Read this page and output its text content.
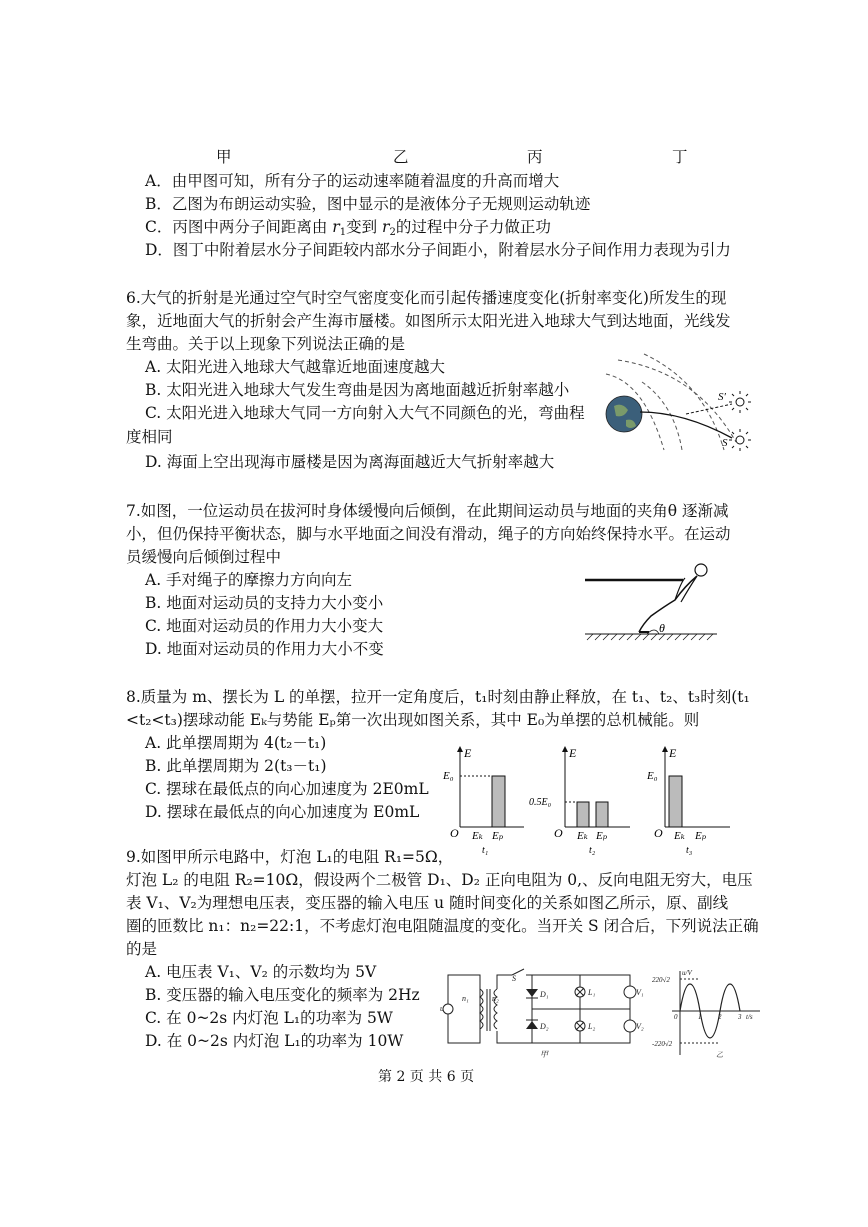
甲	乙	丙	丁
A．由甲图可知，所有分子的运动速率随着温度的升高而增大
B．乙图为布朗运动实验，图中显示的是液体分子无规则运动轨迹
C．丙图中两分子间距离由 $r_1$变到 $r_2$的过程中分子力做正功
D．图丁中附着层水分子间距较内部水分子间距小，附着层水分子间作用力表现为引力
6.大气的折射是光通过空气时空气密度变化而引起传播速度变化(折射率变化)所发生的现
象，近地面大气的折射会产生海市蜃楼。如图所示太阳光进入地球大气到达地面，光线发
生弯曲。关于以上现象下列说法正确的是
A. 太阳光进入地球大气越靠近地面速度越大
B. 太阳光进入地球大气发生弯曲是因为离地面越近折射率越小
C. 太阳光进入地球大气同一方向射入大气不同颜色的光，弯曲程
度相同
D. 海面上空出现海市蜃楼是因为离海面越近大气折射率越大
S′
S
7.如图，一位运动员在拔河时身体缓慢向后倾倒，在此期间运动员与地面的夹角θ 逐渐减
小，但仍保持平衡状态，脚与水平地面之间没有滑动，绳子的方向始终保持水平。在运动
员缓慢向后倾倒过程中
A. 手对绳子的摩擦力方向向左
B. 地面对运动员的支持力大小变小
C. 地面对运动员的作用力大小变大
D. 地面对运动员的作用力大小不变
θ
8.质量为 m、摆长为 L 的单摆，拉开一定角度后，t₁时刻由静止释放，在 t₁、t₂、t₃时刻(t₁
<t₂<t₃)摆球动能 Eₖ与势能 Eₚ第一次出现如图关系，其中 E₀为单摆的总机械能。则
A. 此单摆周期为 4(t₂－t₁)
B. 此单摆周期为 2(t₃－t₁)
C. 摆球在最低点的向心加速度为 2E0mL
D. 摆球在最低点的向心加速度为 E0mL
E
E₀
O Eₖ Eₚ
t₁
E
0.5E₀
O Eₖ Eₚ
t₂
E
E₀
O Eₖ Eₚ
t₃
9.如图甲所示电路中，灯泡 L₁的电阻 R₁=5Ω，
灯泡 L₂ 的电阻 R₂=10Ω，假设两个二极管 D₁、D₂ 正向电阻为 0,、反向电阻无穷大，电压
表 V₁、V₂为理想电压表，变压器的输入电压 u 随时间变化的关系如图乙所示，原、副线
圈的匝数比 n₁：n₂=22:1，不考虑灯泡电阻随温度的变化。当开关 S 闭合后，下列说法正确
的是
A. 电压表 V₁、V₂ 的示数均为 5V
B. 变压器的输入电压变化的频率为 2Hz
C. 在 0~2s 内灯泡 L₁的功率为 5W
D. 在 0~2s 内灯泡 L₁的功率为 10W
u
n₁	n₂
S
D₁
D₂
L₁
L₂
V₁
V₂
甲
u/V
220√2
-220√2
0	1 2 3 t/s
乙
第 2 页 共 6 页
